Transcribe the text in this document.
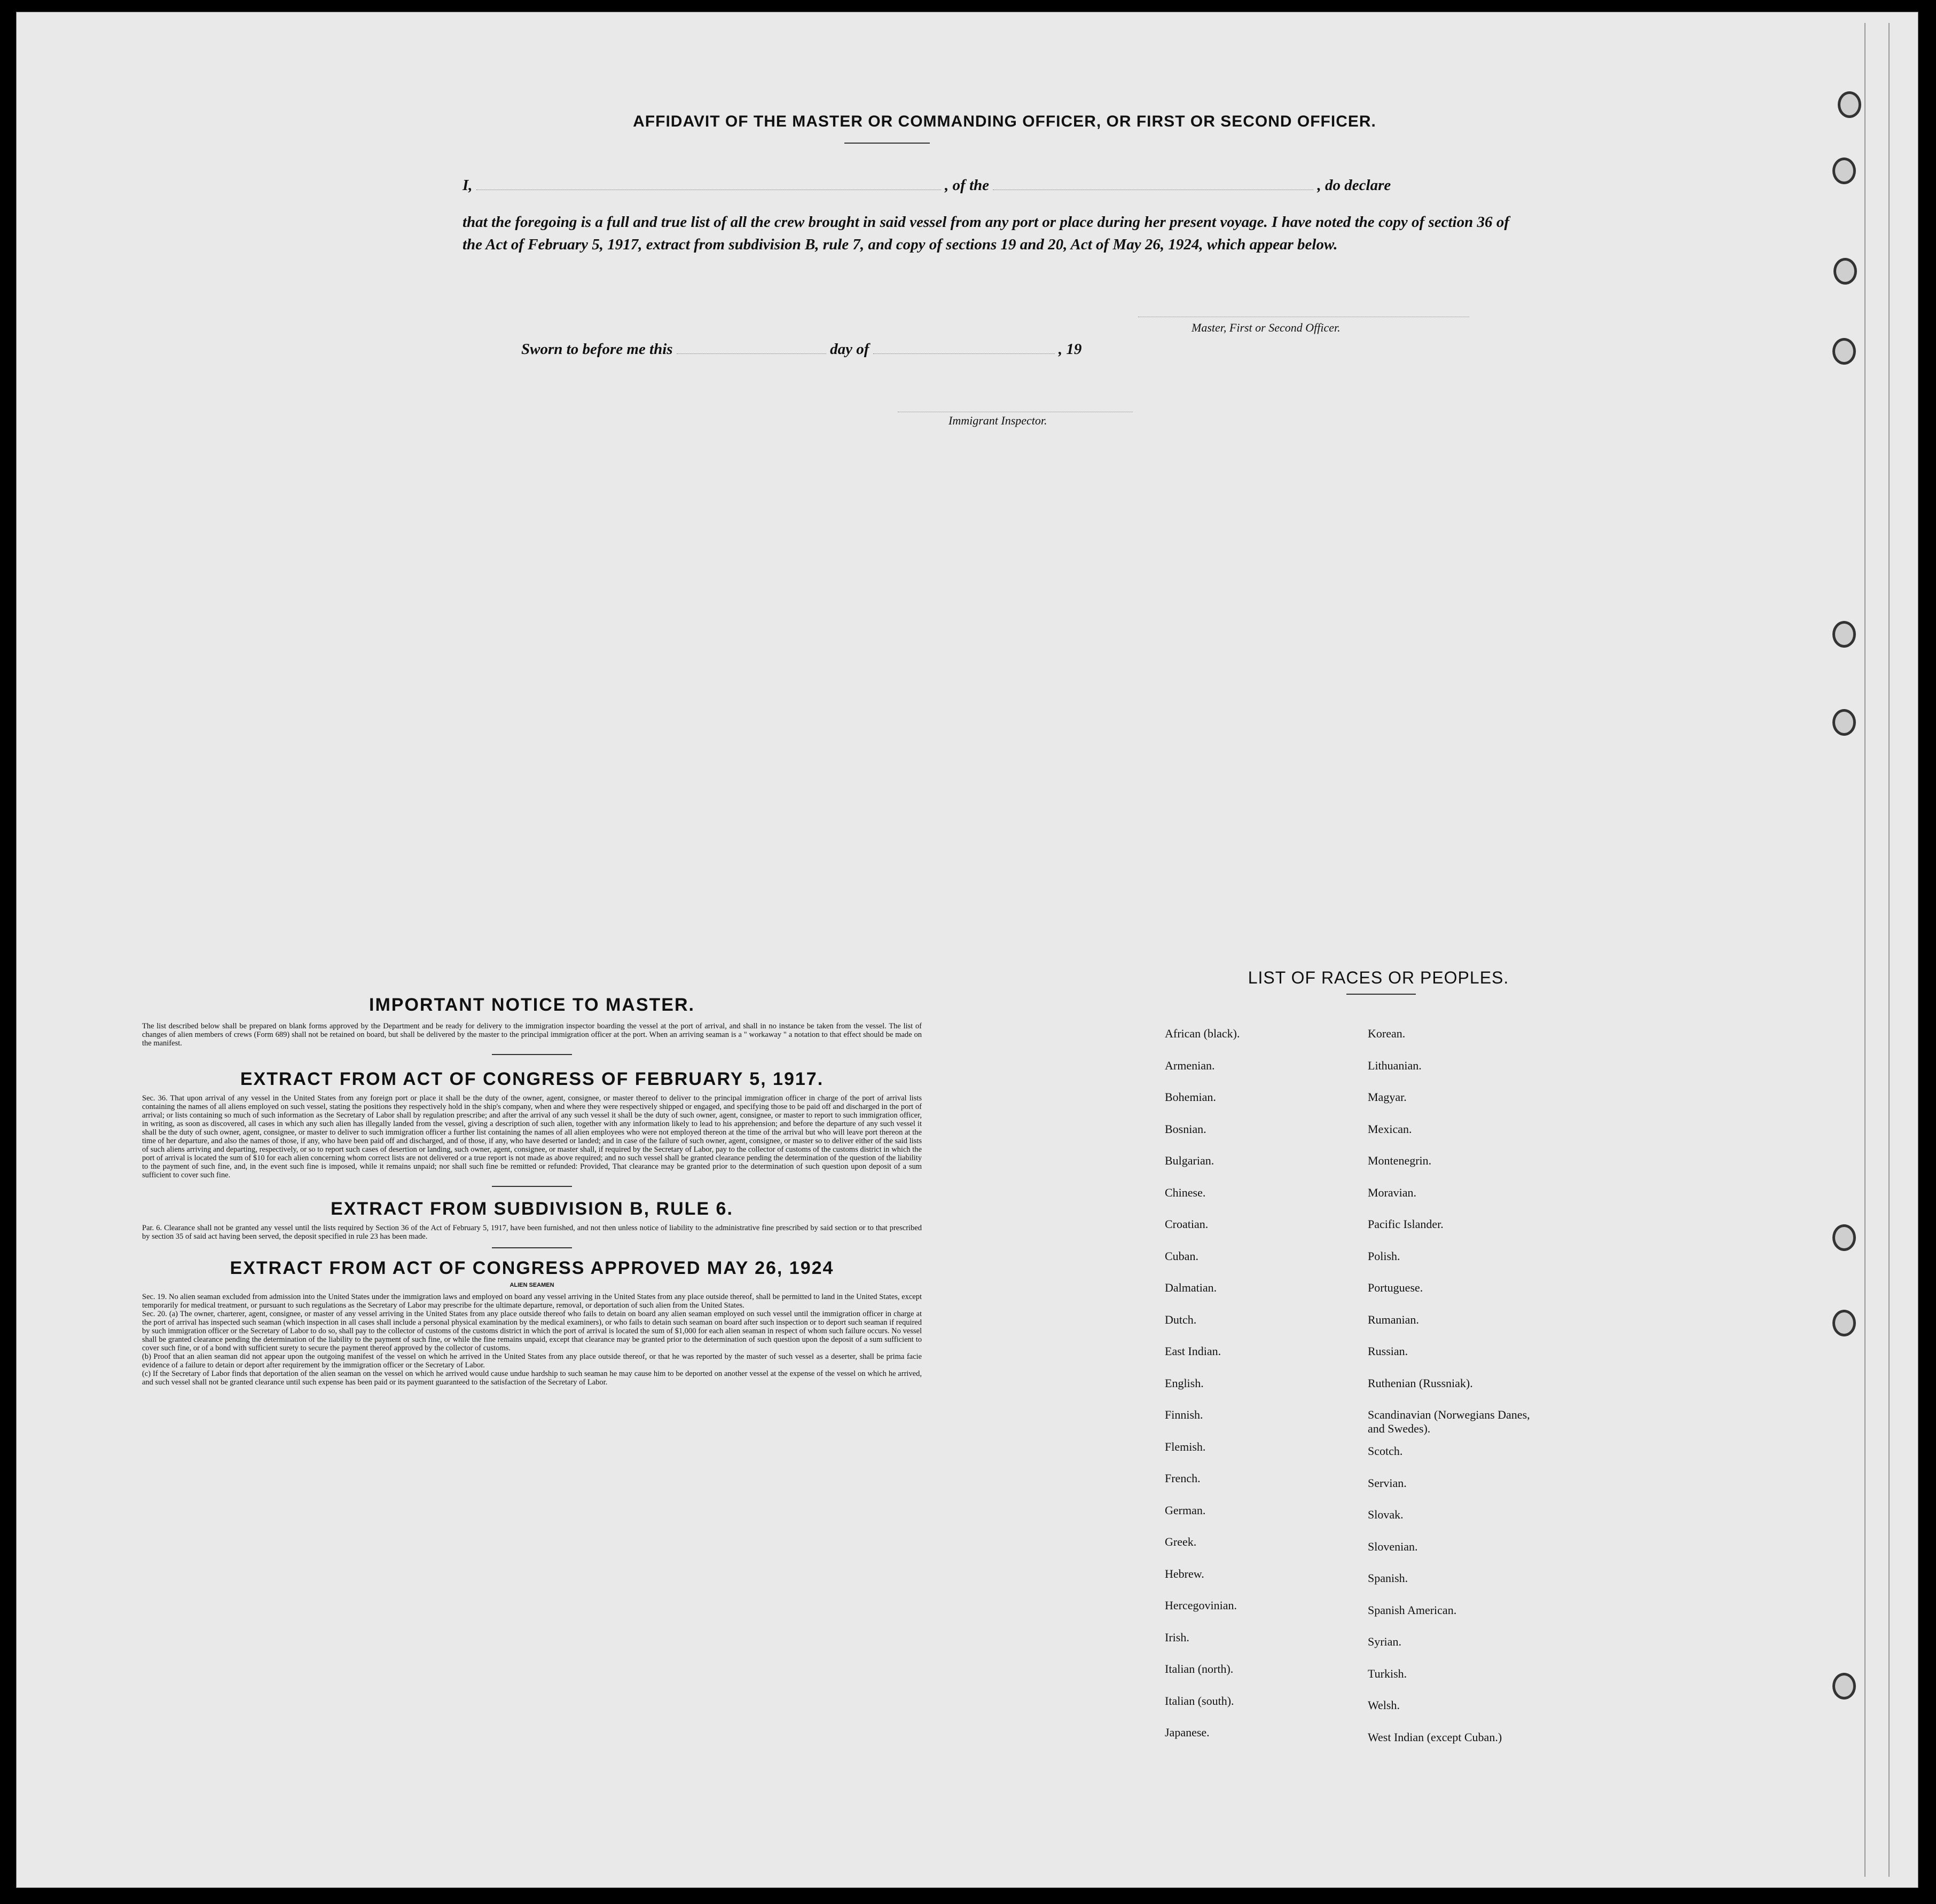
AFFIDAVIT OF THE MASTER OR COMMANDING OFFICER, OR FIRST OR SECOND OFFICER.
I,	, of the	, do declare
that the foregoing is a full and true list of all the crew brought in said vessel from any port or place during her present voyage. I have noted the copy of section 36 of the Act of February 5, 1917, extract from subdivision B, rule 7, and copy of sections 19 and 20, Act of May 26, 1924, which appear below.
Master, First or Second Officer.
Sworn to before me this	day of	, 19
Immigrant Inspector.
IMPORTANT NOTICE TO MASTER.
The list described below shall be prepared on blank forms approved by the Department and be ready for delivery to the immigration inspector boarding the vessel at the port of arrival, and shall in no instance be taken from the vessel. The list of changes of alien members of crews (Form 689) shall not be retained on board, but shall be delivered by the master to the principal immigration officer at the port. When an arriving seaman is a " workaway " a notation to that effect should be made on the manifest.
EXTRACT FROM ACT OF CONGRESS OF FEBRUARY 5, 1917.
Sec. 36. That upon arrival of any vessel in the United States from any foreign port or place it shall be the duty of the owner, agent, consignee, or master thereof to deliver to the principal immigration officer in charge of the port of arrival lists containing the names of all aliens employed on such vessel, stating the positions they respectively hold in the ship's company, when and where they were respectively shipped or engaged, and specifying those to be paid off and discharged in the port of arrival; or lists containing so much of such information as the Secretary of Labor shall by regulation prescribe; and after the arrival of any such vessel it shall be the duty of such owner, agent, consignee, or master to report to such immigration officer, in writing, as soon as discovered, all cases in which any such alien has illegally landed from the vessel, giving a description of such alien, together with any information likely to lead to his apprehension; and before the departure of any such vessel it shall be the duty of such owner, agent, consignee, or master to deliver to such immigration officer a further list containing the names of all alien employees who were not employed thereon at the time of the arrival but who will leave port thereon at the time of her departure, and also the names of those, if any, who have been paid off and discharged, and of those, if any, who have deserted or landed; and in case of the failure of such owner, agent, consignee, or master so to deliver either of the said lists of such aliens arriving and departing, respectively, or so to report such cases of desertion or landing, such owner, agent, consignee, or master shall, if required by the Secretary of Labor, pay to the collector of customs of the customs district in which the port of arrival is located the sum of $10 for each alien concerning whom correct lists are not delivered or a true report is not made as above required; and no such vessel shall be granted clearance pending the determination of the question of the liability to the payment of such fine, and, in the event such fine is imposed, while it remains unpaid; nor shall such fine be remitted or refunded: Provided, That clearance may be granted prior to the determination of such question upon deposit of a sum sufficient to cover such fine.
EXTRACT FROM SUBDIVISION B, RULE 6.
Par. 6. Clearance shall not be granted any vessel until the lists required by Section 36 of the Act of February 5, 1917, have been furnished, and not then unless notice of liability to the administrative fine prescribed by said section or to that prescribed by section 35 of said act having been served, the deposit specified in rule 23 has been made.
EXTRACT FROM ACT OF CONGRESS APPROVED MAY 26, 1924
ALIEN SEAMEN
Sec. 19. No alien seaman excluded from admission into the United States under the immigration laws and employed on board any vessel arriving in the United States from any place outside thereof, shall be permitted to land in the United States, except temporarily for medical treatment, or pursuant to such regulations as the Secretary of Labor may prescribe for the ultimate departure, removal, or deportation of such alien from the United States.
Sec. 20. (a) The owner, charterer, agent, consignee, or master of any vessel arriving in the United States from any place outside thereof who fails to detain on board any alien seaman employed on such vessel until the immigration officer in charge at the port of arrival has inspected such seaman (which inspection in all cases shall include a personal physical examination by the medical examiners), or who fails to detain such seaman on board after such inspection or to deport such seaman if required by such immigration officer or the Secretary of Labor to do so, shall pay to the collector of customs of the customs district in which the port of arrival is located the sum of $1,000 for each alien seaman in respect of whom such failure occurs. No vessel shall be granted clearance pending the determination of the liability to the payment of such fine, or while the fine remains unpaid, except that clearance may be granted prior to the determination of such question upon the deposit of a sum sufficient to cover such fine, or of a bond with sufficient surety to secure the payment thereof approved by the collector of customs.
(b) Proof that an alien seaman did not appear upon the outgoing manifest of the vessel on which he arrived in the United States from any place outside thereof, or that he was reported by the master of such vessel as a deserter, shall be prima facie evidence of a failure to detain or deport after requirement by the immigration officer or the Secretary of Labor.
(c) If the Secretary of Labor finds that deportation of the alien seaman on the vessel on which he arrived would cause undue hardship to such seaman he may cause him to be deported on another vessel at the expense of the vessel on which he arrived, and such vessel shall not be granted clearance until such expense has been paid or its payment guaranteed to the satisfaction of the Secretary of Labor.
LIST OF RACES OR PEOPLES.
African (black).
Armenian.
Bohemian.
Bosnian.
Bulgarian.
Chinese.
Croatian.
Cuban.
Dalmatian.
Dutch.
East Indian.
English.
Finnish.
Flemish.
French.
German.
Greek.
Hebrew.
Hercegovinian.
Irish.
Italian (north).
Italian (south).
Japanese.
Korean.
Lithuanian.
Magyar.
Mexican.
Montenegrin.
Moravian.
Pacific Islander.
Polish.
Portuguese.
Rumanian.
Russian.
Ruthenian (Russniak).
Scandinavian (Norwegians Danes, and Swedes).
Scotch.
Servian.
Slovak.
Slovenian.
Spanish.
Spanish American.
Syrian.
Turkish.
Welsh.
West Indian (except Cuban.)
